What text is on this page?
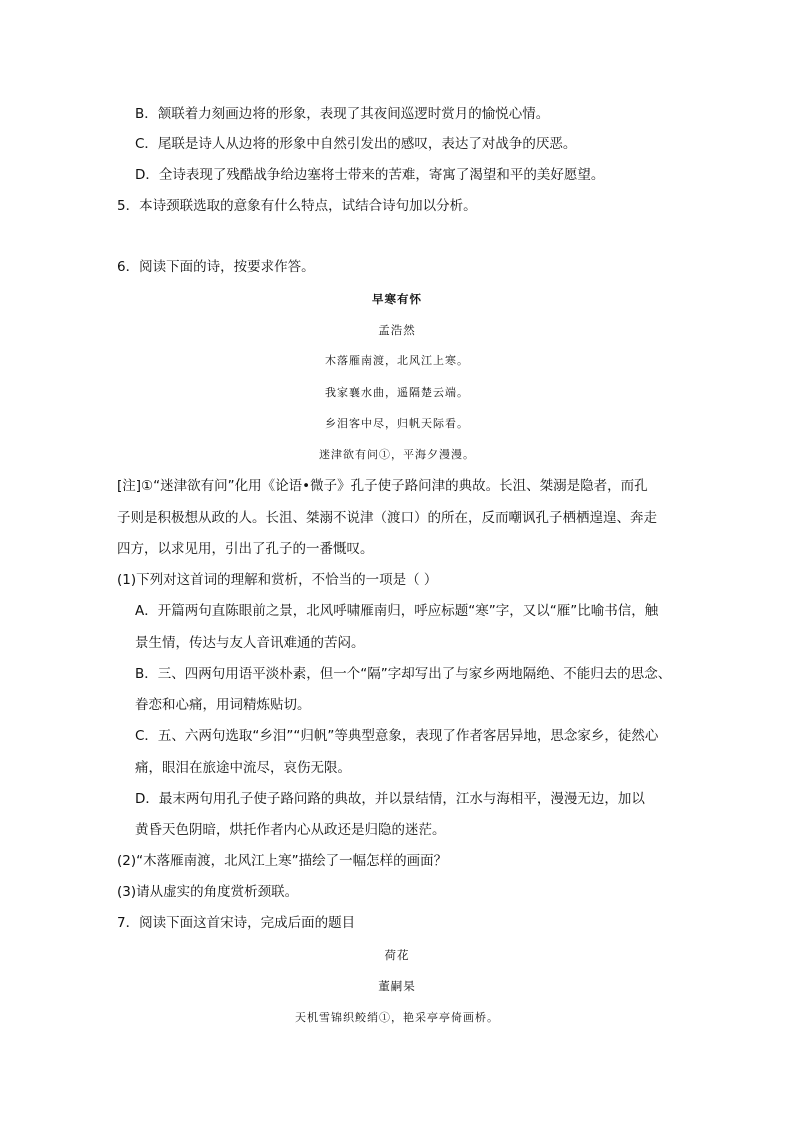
B．颔联着力刻画边将的形象，表现了其夜间巡逻时赏月的愉悦心情。
C．尾联是诗人从边将的形象中自然引发出的感叹，表达了对战争的厌恶。
D．全诗表现了残酷战争给边塞将士带来的苦难，寄寓了渴望和平的美好愿望。
5．本诗颈联选取的意象有什么特点，试结合诗句加以分析。
6．阅读下面的诗，按要求作答。
早寒有怀
孟浩然
木落雁南渡，北风江上寒。
我家襄水曲，遥隔楚云端。
乡泪客中尽，归帆天际看。
迷津欲有问①，平海夕漫漫。
[注]①“迷津欲有问”化用《论语•微子》孔子使子路问津的典故。长沮、桀溺是隐者，而孔
子则是积极想从政的人。长沮、桀溺不说津（渡口）的所在，反而嘲讽孔子栖栖遑遑、奔走
四方，以求见用，引出了孔子的一番慨叹。
(1)下列对这首词的理解和赏析，不恰当的一项是（ ）
A．开篇两句直陈眼前之景，北风呼啸雁南归，呼应标题“寒”字，又以“雁”比喻书信，触
景生情，传达与友人音讯难通的苦闷。
B．三、四两句用语平淡朴素，但一个“隔”字却写出了与家乡两地隔绝、不能归去的思念、
眷恋和心痛，用词精炼贴切。
C．五、六两句选取“乡泪”“归帆”等典型意象，表现了作者客居异地，思念家乡，徒然心
痛，眼泪在旅途中流尽，哀伤无限。
D．最末两句用孔子使子路问路的典故，并以景结情，江水与海相平，漫漫无边，加以
黄昏天色阴暗，烘托作者内心从政还是归隐的迷茫。
(2)“木落雁南渡，北风江上寒”描绘了一幅怎样的画面？
(3)请从虚实的角度赏析颈联。
7．阅读下面这首宋诗，完成后面的题目
荷花
董嗣杲
天机雪锦织鲛绡①，艳采亭亭倚画桥。
